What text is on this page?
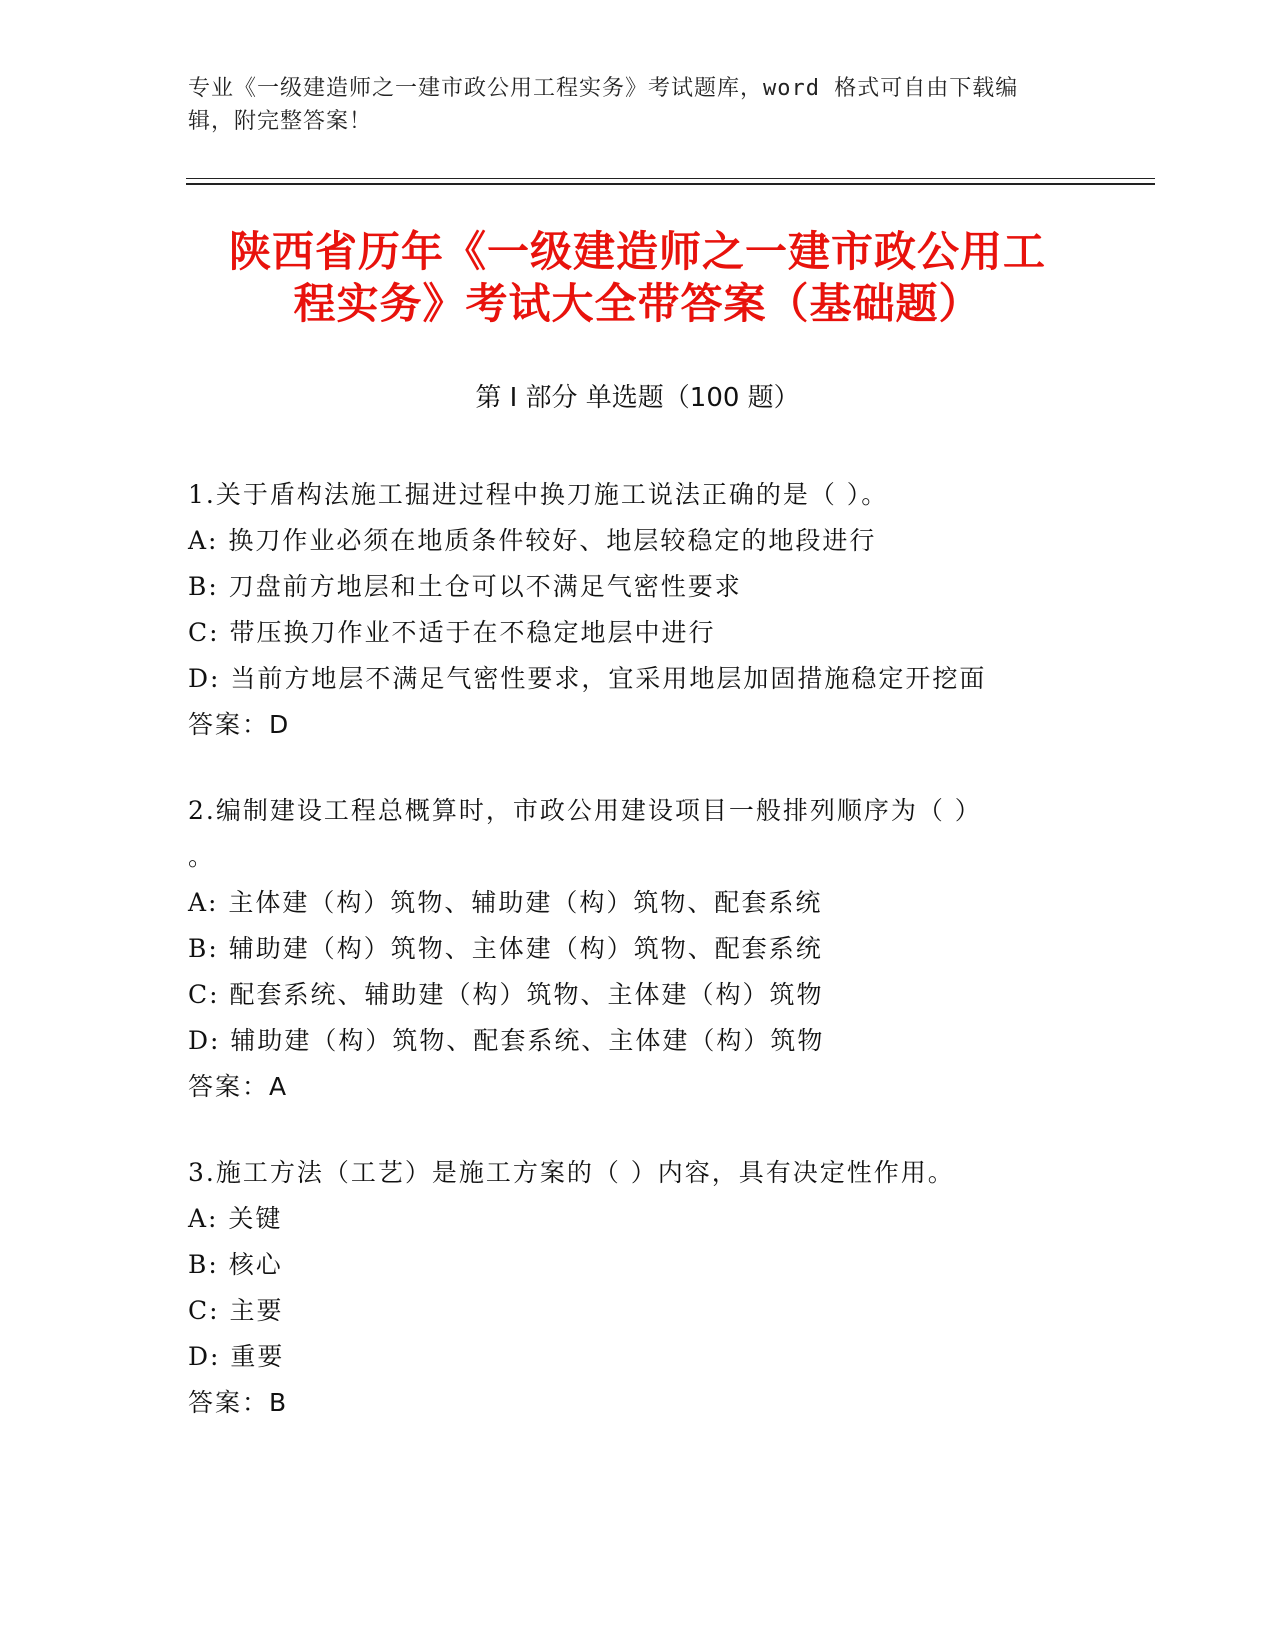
专业《一级建造师之一建市政公用工程实务》考试题库，word 格式可自由下载编
辑，附完整答案！
陕西省历年《一级建造师之一建市政公用工
程实务》考试大全带答案（基础题）
第 I 部分 单选题（100 题）
1.关于盾构法施工掘进过程中换刀施工说法正确的是（ ）。
A: 换刀作业必须在地质条件较好、地层较稳定的地段进行
B: 刀盘前方地层和土仓可以不满足气密性要求
C: 带压换刀作业不适于在不稳定地层中进行
D: 当前方地层不满足气密性要求，宜采用地层加固措施稳定开挖面
答案：D
2.编制建设工程总概算时，市政公用建设项目一般排列顺序为（ ）
。
A: 主体建（构）筑物、辅助建（构）筑物、配套系统
B: 辅助建（构）筑物、主体建（构）筑物、配套系统
C: 配套系统、辅助建（构）筑物、主体建（构）筑物
D: 辅助建（构）筑物、配套系统、主体建（构）筑物
答案：A
3.施工方法（工艺）是施工方案的（ ）内容，具有决定性作用。
A: 关键
B: 核心
C: 主要
D: 重要
答案：B
